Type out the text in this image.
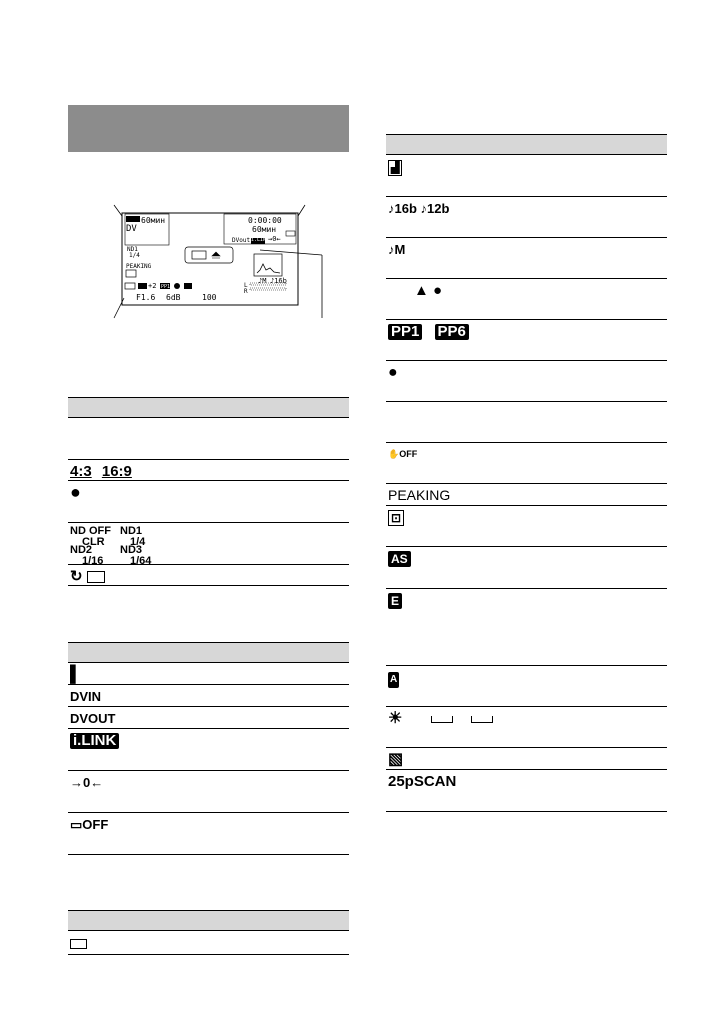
60мин
DV
0:00:00
60мин
DVout i.LINK
→0←
ND1
1/4
PEAKING
♪M ♪16b
+2 PP1	L
R
F1.6 6dB	100
4:3 16:9
●
ND OFF
CLR
ND1
1/4
ND2
1/16
ND3
1/64
↻
▌
DVIN
DVOUT
i.LINK
→0←
▭OFF
▟
♪16b ♪12b
♪M
▲ ●
PP1 PP6
●
✋OFF
PEAKING
⊡
AS
E
A
☀
▧
25pSCAN
